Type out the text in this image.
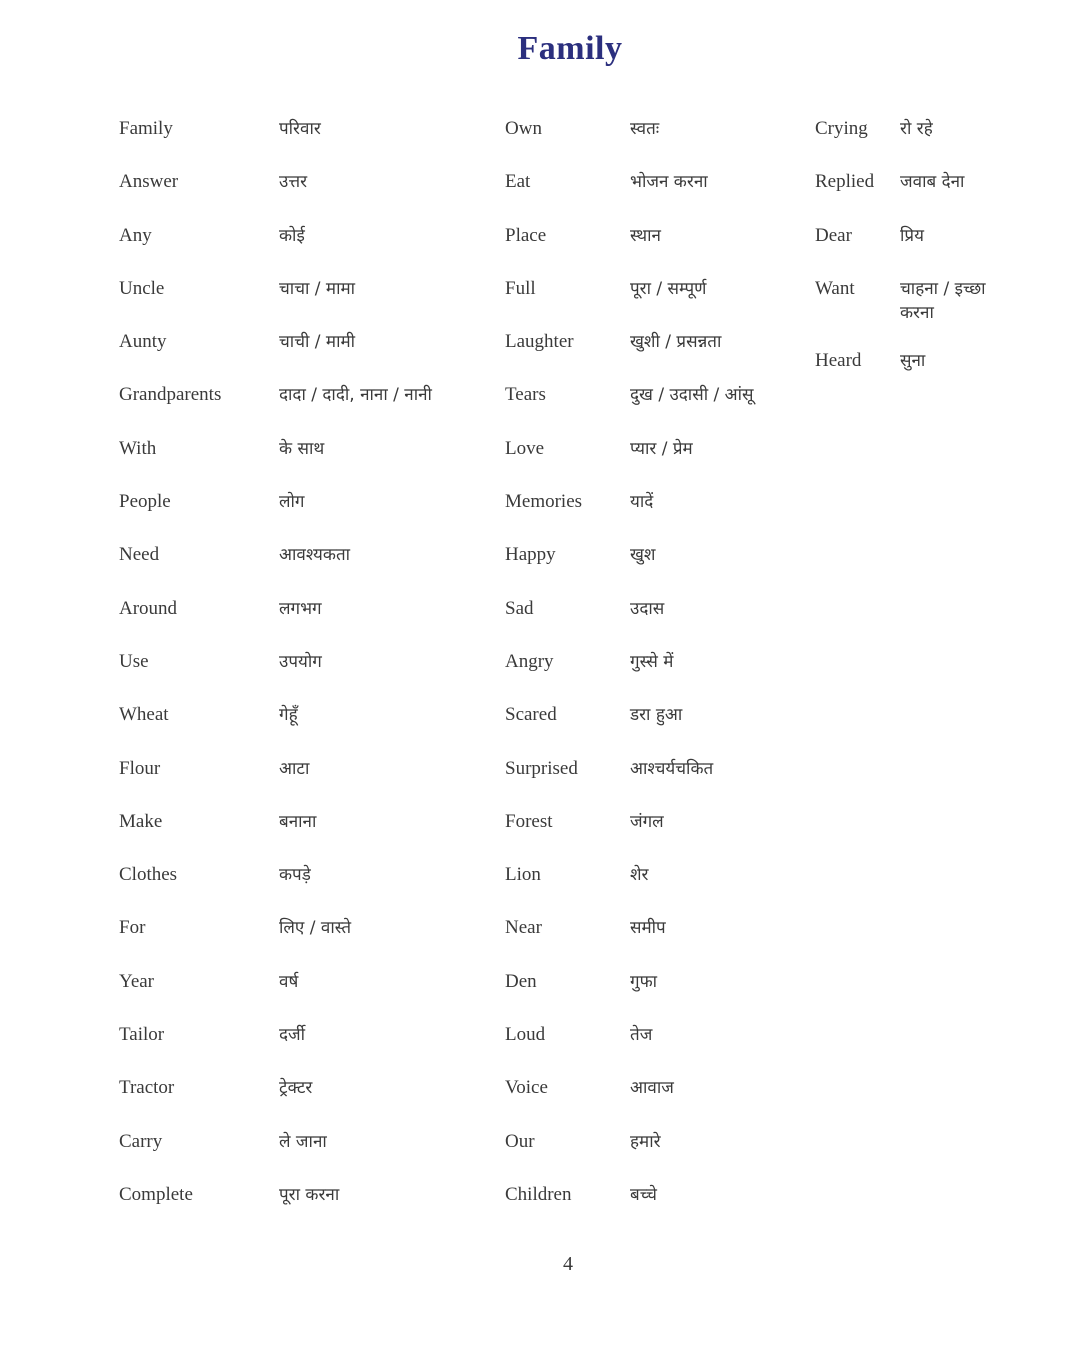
Family
Family	परिवार
Answer	उत्तर
Any	कोई
Uncle	चाचा / मामा
Aunty	चाची / मामी
Grandparents	दादा / दादी, नाना / नानी
With	के साथ
People	लोग
Need	आवश्यकता
Around	लगभग
Use	उपयोग
Wheat	गेहूँ
Flour	आटा
Make	बनाना
Clothes	कपड़े
For	लिए / वास्ते
Year	वर्ष
Tailor	दर्जी
Tractor	ट्रेक्टर
Carry	ले जाना
Complete	पूरा करना
Own	स्वतः
Eat	भोजन करना
Place	स्थान
Full	पूरा / सम्पूर्ण
Laughter	खुशी / प्रसन्नता
Tears	दुख / उदासी / आंसू
Love	प्यार / प्रेम
Memories	यादें
Happy	खुश
Sad	उदास
Angry	गुस्से में
Scared	डरा हुआ
Surprised	आश्चर्यचकित
Forest	जंगल
Lion	शेर
Near	समीप
Den	गुफा
Loud	तेज
Voice	आवाज
Our	हमारे
Children	बच्चे
Crying	रो रहे
Replied	जवाब देना
Dear	प्रिय
Want	चाहना / इच्छा करना
Heard	सुना
4
